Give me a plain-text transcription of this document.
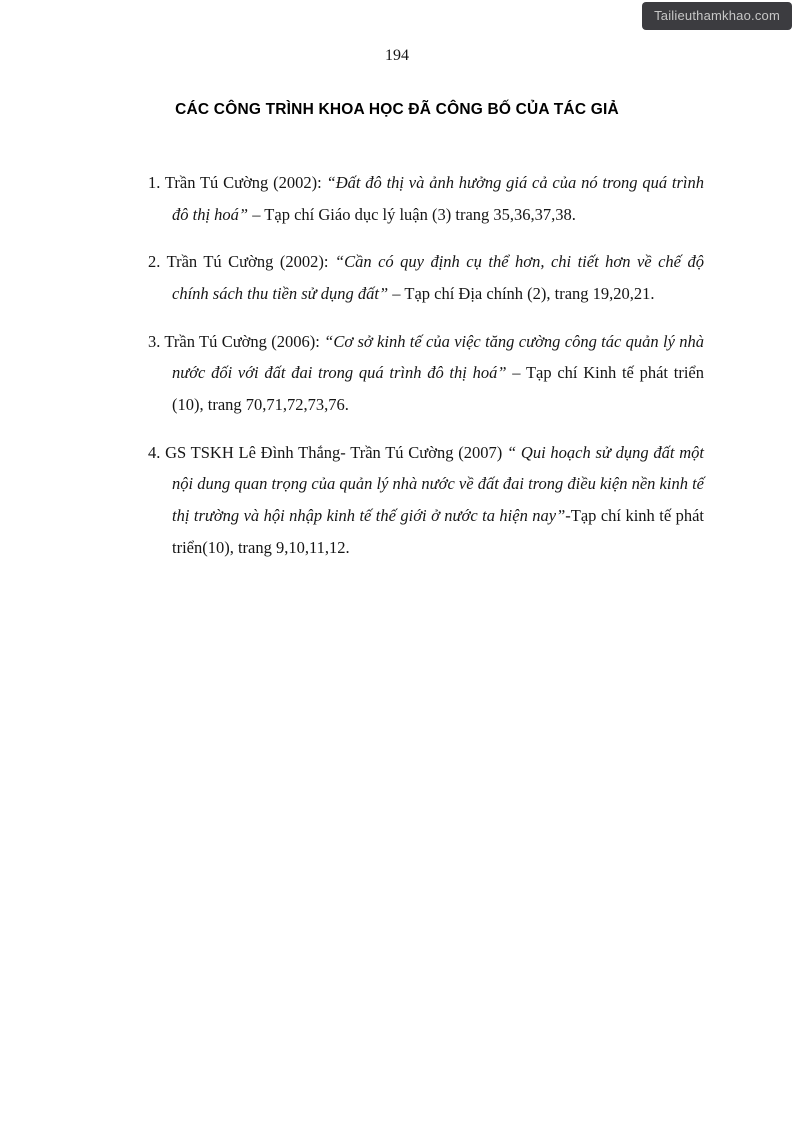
Tailieuthamkhao.com
194
CÁC CÔNG TRÌNH KHOA HỌC ĐÃ CÔNG BỐ CỦA TÁC GIẢ

1. Trần Tú Cường (2002): “Đất đô thị và ảnh hưởng giá cả của nó trong quá trình đô thị hoá” – Tạp chí Giáo dục lý luận (3) trang 35,36,37,38.

2. Trần Tú Cường (2002): “Cần có quy định cụ thể hơn, chi tiết hơn về chế độ chính sách thu tiền sử dụng đất” – Tạp chí Địa chính (2), trang 19,20,21.

3. Trần Tú Cường (2006): “Cơ sở kinh tế của việc tăng cường công tác quản lý nhà nước đối với đất đai trong quá trình đô thị hoá” – Tạp chí Kinh tế phát triển (10), trang 70,71,72,73,76.

4. GS TSKH Lê Đình Thắng- Trần Tú Cường (2007) “ Qui hoạch sử dụng đất một nội dung quan trọng của quản lý nhà nước về đất đai trong điều kiện nền kinh tế thị trường và hội nhập kinh tế thế giới ở nước ta hiện nay”-Tạp chí kinh tế phát triển(10), trang 9,10,11,12.
